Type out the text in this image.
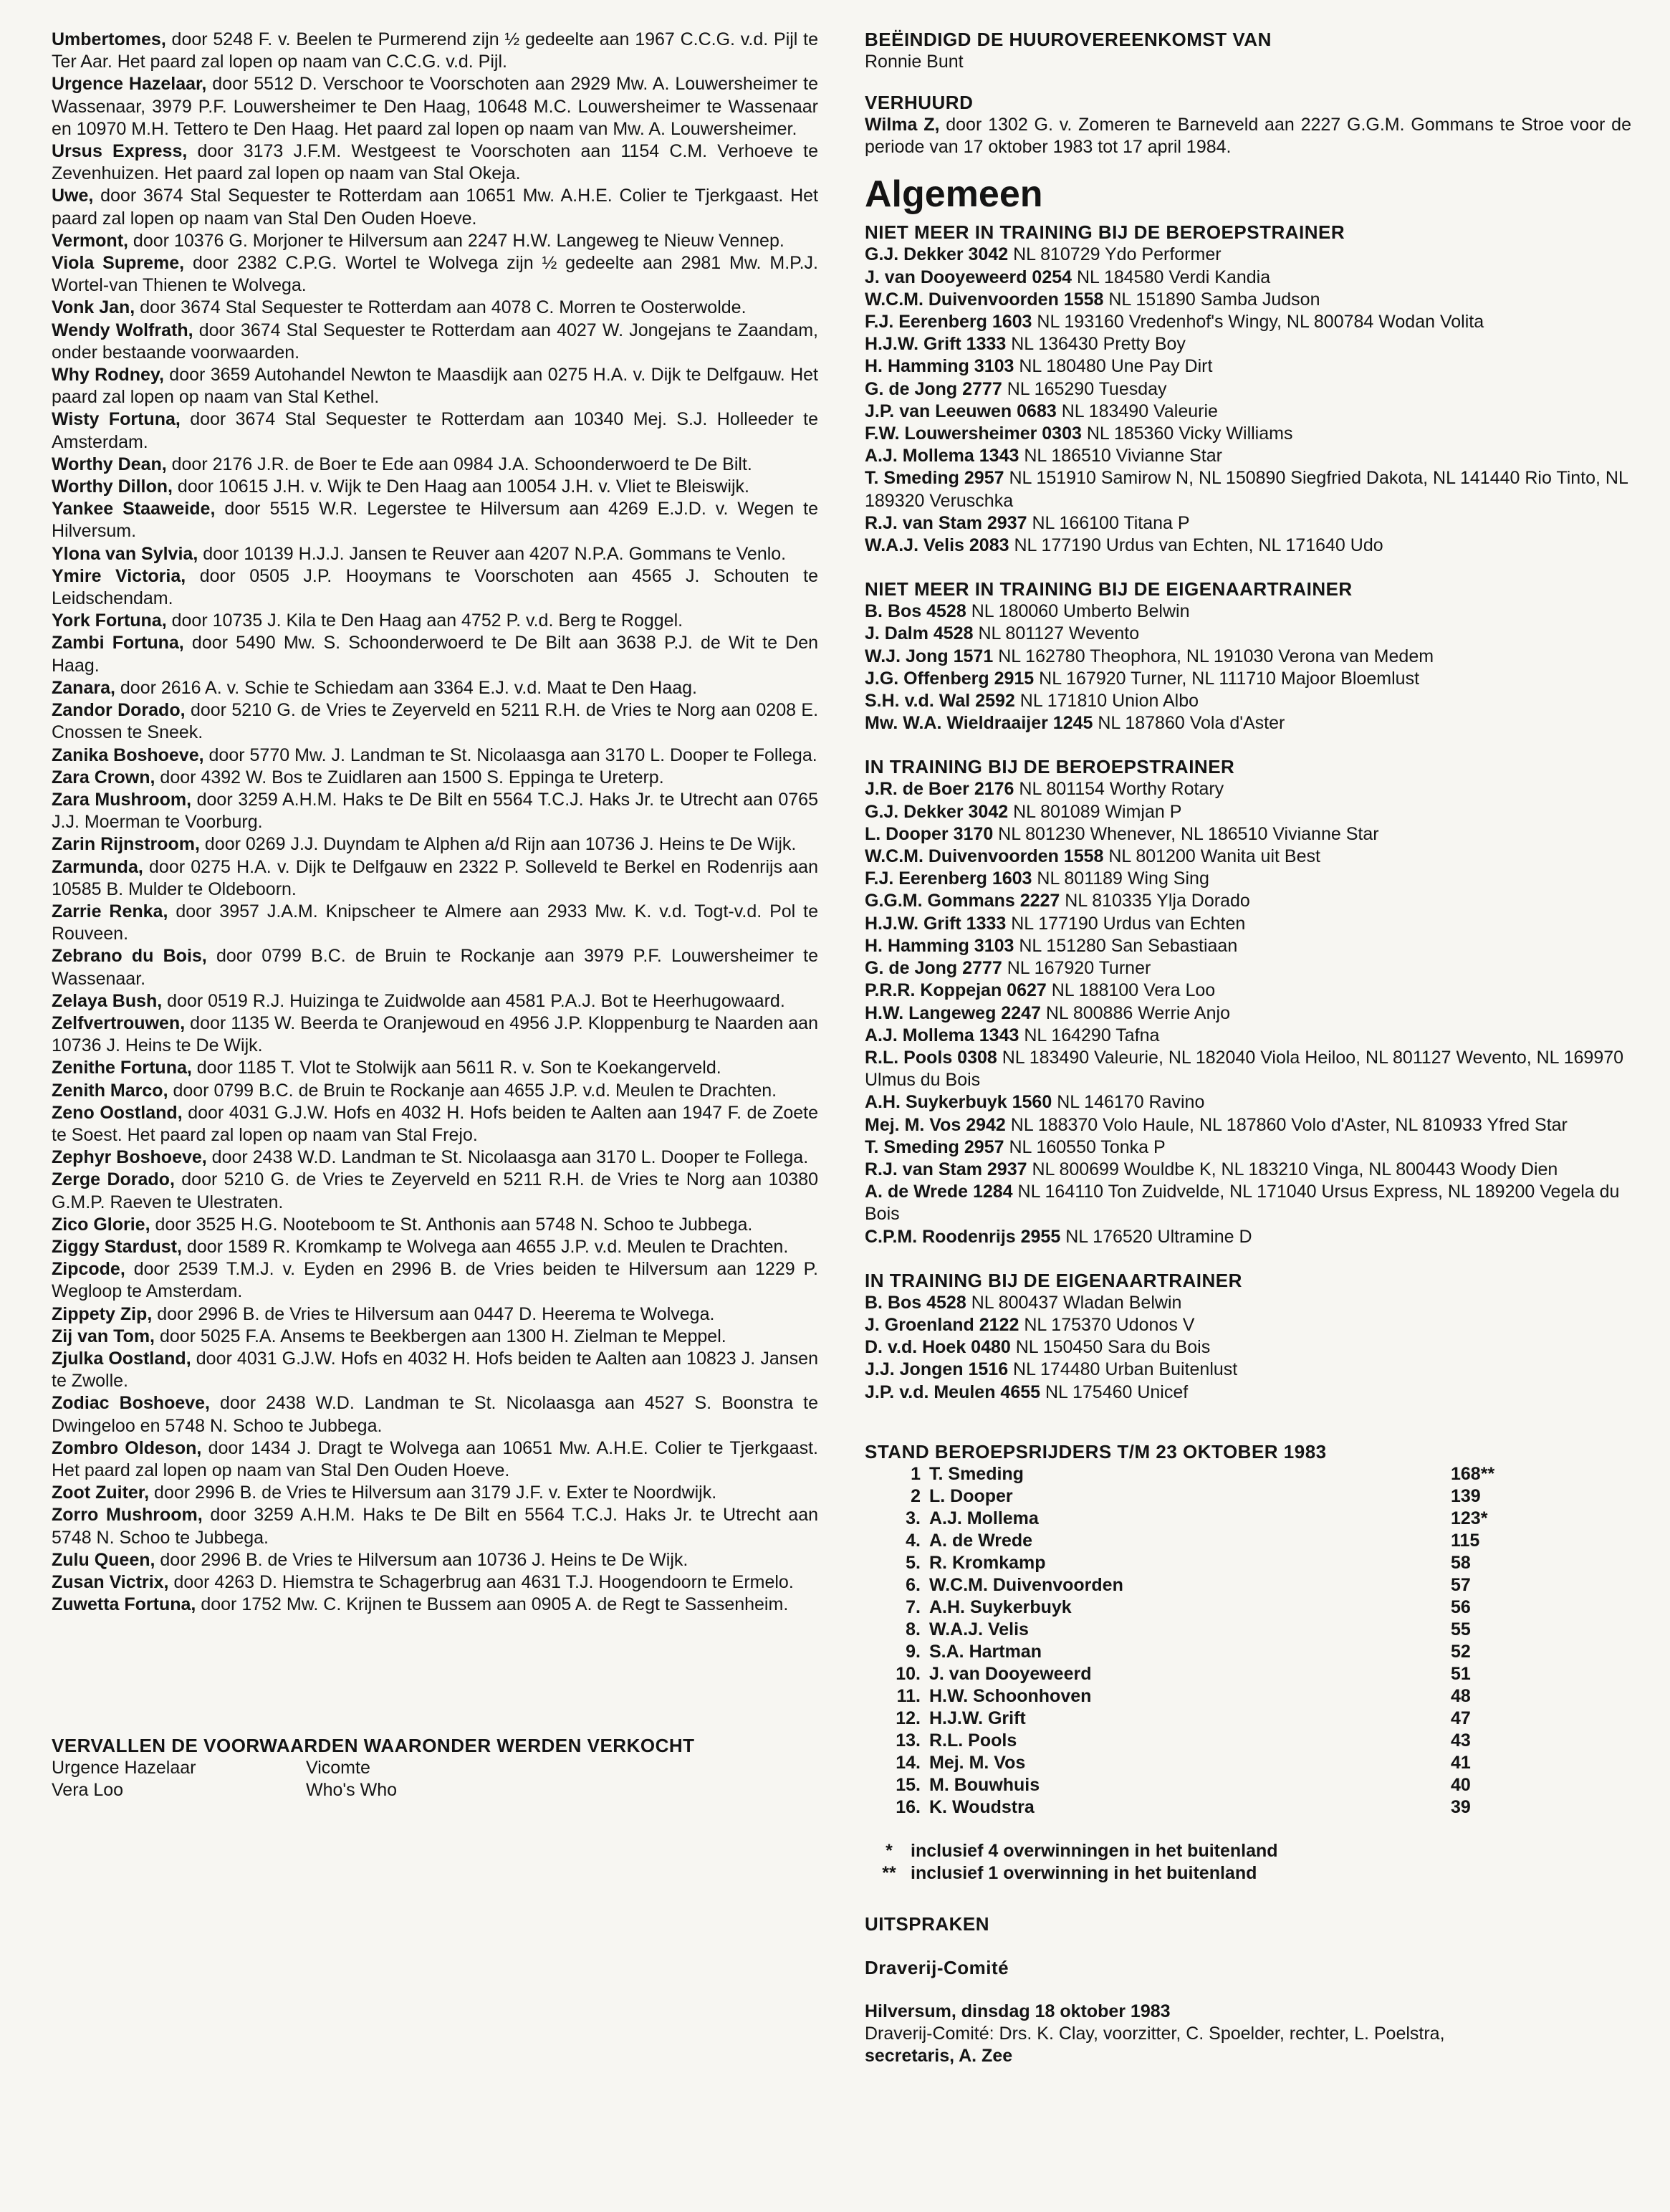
Umbertomes, door 5248 F. v. Beelen te Purmerend zijn ½ gedeelte aan 1967 C.C.G. v.d. Pijl te Ter Aar. Het paard zal lopen op naam van C.C.G. v.d. Pijl.

Urgence Hazelaar, door 5512 D. Verschoor te Voorschoten aan 2929 Mw. A. Louwersheimer te Wassenaar, 3979 P.F. Louwersheimer te Den Haag, 10648 M.C. Louwersheimer te Wassenaar en 10970 M.H. Tettero te Den Haag. Het paard zal lopen op naam van Mw. A. Louwersheimer.

Ursus Express, door 3173 J.F.M. Westgeest te Voorschoten aan 1154 C.M. Verhoeve te Zevenhuizen. Het paard zal lopen op naam van Stal Okeja.

Uwe, door 3674 Stal Sequester te Rotterdam aan 10651 Mw. A.H.E. Colier te Tjerkgaast. Het paard zal lopen op naam van Stal Den Ouden Hoeve.

Vermont, door 10376 G. Morjoner te Hilversum aan 2247 H.W. Langeweg te Nieuw Vennep.

Viola Supreme, door 2382 C.P.G. Wortel te Wolvega zijn ½ gedeelte aan 2981 Mw. M.P.J. Wortel-van Thienen te Wolvega.

Vonk Jan, door 3674 Stal Sequester te Rotterdam aan 4078 C. Morren te Oosterwolde.

Wendy Wolfrath, door 3674 Stal Sequester te Rotterdam aan 4027 W. Jongejans te Zaandam, onder bestaande voorwaarden.

Why Rodney, door 3659 Autohandel Newton te Maasdijk aan 0275 H.A. v. Dijk te Delfgauw. Het paard zal lopen op naam van Stal Kethel.

Wisty Fortuna, door 3674 Stal Sequester te Rotterdam aan 10340 Mej. S.J. Holleeder te Amsterdam.

Worthy Dean, door 2176 J.R. de Boer te Ede aan 0984 J.A. Schoonderwoerd te De Bilt.

Worthy Dillon, door 10615 J.H. v. Wijk te Den Haag aan 10054 J.H. v. Vliet te Bleiswijk.

Yankee Staaweide, door 5515 W.R. Legerstee te Hilversum aan 4269 E.J.D. v. Wegen te Hilversum.

Ylona van Sylvia, door 10139 H.J.J. Jansen te Reuver aan 4207 N.P.A. Gommans te Venlo.

Ymire Victoria, door 0505 J.P. Hooymans te Voorschoten aan 4565 J. Schouten te Leidschendam.

York Fortuna, door 10735 J. Kila te Den Haag aan 4752 P. v.d. Berg te Roggel.

Zambi Fortuna, door 5490 Mw. S. Schoonderwoerd te De Bilt aan 3638 P.J. de Wit te Den Haag.

Zanara, door 2616 A. v. Schie te Schiedam aan 3364 E.J. v.d. Maat te Den Haag.

Zandor Dorado, door 5210 G. de Vries te Zeyerveld en 5211 R.H. de Vries te Norg aan 0208 E. Cnossen te Sneek.

Zanika Boshoeve, door 5770 Mw. J. Landman te St. Nicolaasga aan 3170 L. Dooper te Follega.

Zara Crown, door 4392 W. Bos te Zuidlaren aan 1500 S. Eppinga te Ureterp.

Zara Mushroom, door 3259 A.H.M. Haks te De Bilt en 5564 T.C.J. Haks Jr. te Utrecht aan 0765 J.J. Moerman te Voorburg.

Zarin Rijnstroom, door 0269 J.J. Duyndam te Alphen a/d Rijn aan 10736 J. Heins te De Wijk.

Zarmunda, door 0275 H.A. v. Dijk te Delfgauw en 2322 P. Solleveld te Berkel en Rodenrijs aan 10585 B. Mulder te Oldeboorn.

Zarrie Renka, door 3957 J.A.M. Knipscheer te Almere aan 2933 Mw. K. v.d. Togt-v.d. Pol te Rouveen.

Zebrano du Bois, door 0799 B.C. de Bruin te Rockanje aan 3979 P.F. Louwersheimer te Wassenaar.

Zelaya Bush, door 0519 R.J. Huizinga te Zuidwolde aan 4581 P.A.J. Bot te Heerhugowaard.

Zelfvertrouwen, door 1135 W. Beerda te Oranjewoud en 4956 J.P. Kloppenburg te Naarden aan 10736 J. Heins te De Wijk.

Zenithe Fortuna, door 1185 T. Vlot te Stolwijk aan 5611 R. v. Son te Koekangerveld.

Zenith Marco, door 0799 B.C. de Bruin te Rockanje aan 4655 J.P. v.d. Meulen te Drachten.

Zeno Oostland, door 4031 G.J.W. Hofs en 4032 H. Hofs beiden te Aalten aan 1947 F. de Zoete te Soest. Het paard zal lopen op naam van Stal Frejo.

Zephyr Boshoeve, door 2438 W.D. Landman te St. Nicolaasga aan 3170 L. Dooper te Follega.

Zerge Dorado, door 5210 G. de Vries te Zeyerveld en 5211 R.H. de Vries te Norg aan 10380 G.M.P. Raeven te Ulestraten.

Zico Glorie, door 3525 H.G. Nooteboom te St. Anthonis aan 5748 N. Schoo te Jubbega.

Ziggy Stardust, door 1589 R. Kromkamp te Wolvega aan 4655 J.P. v.d. Meulen te Drachten.

Zipcode, door 2539 T.M.J. v. Eyden en 2996 B. de Vries beiden te Hilversum aan 1229 P. Wegloop te Amsterdam.

Zippety Zip, door 2996 B. de Vries te Hilversum aan 0447 D. Heerema te Wolvega.

Zij van Tom, door 5025 F.A. Ansems te Beekbergen aan 1300 H. Zielman te Meppel.

Zjulka Oostland, door 4031 G.J.W. Hofs en 4032 H. Hofs beiden te Aalten aan 10823 J. Jansen te Zwolle.

Zodiac Boshoeve, door 2438 W.D. Landman te St. Nicolaasga aan 4527 S. Boonstra te Dwingeloo en 5748 N. Schoo te Jubbega.

Zombro Oldeson, door 1434 J. Dragt te Wolvega aan 10651 Mw. A.H.E. Colier te Tjerkgaast. Het paard zal lopen op naam van Stal Den Ouden Hoeve.

Zoot Zuiter, door 2996 B. de Vries te Hilversum aan 3179 J.F. v. Exter te Noordwijk.

Zorro Mushroom, door 3259 A.H.M. Haks te De Bilt en 5564 T.C.J. Haks Jr. te Utrecht aan 5748 N. Schoo te Jubbega.

Zulu Queen, door 2996 B. de Vries te Hilversum aan 10736 J. Heins te De Wijk.

Zusan Victrix, door 4263 D. Hiemstra te Schagerbrug aan 4631 T.J. Hoogendoorn te Ermelo.

Zuwetta Fortuna, door 1752 Mw. C. Krijnen te Bussem aan 0905 A. de Regt te Sassenheim.

VERVALLEN DE VOORWAARDEN WAARONDER WERDEN VERKOCHT

Urgence Hazelaar	Vicomte
Vera Loo	Who's Who

BEËINDIGD DE HUUROVEREENKOMST VAN

Ronnie Bunt

VERHUURD

Wilma Z, door 1302 G. v. Zomeren te Barneveld aan 2227 G.G.M. Gommans te Stroe voor de periode van 17 oktober 1983 tot 17 april 1984.

Algemeen

NIET MEER IN TRAINING BIJ DE BEROEPSTRAINER

G.J. Dekker 3042 NL 810729 Ydo Performer

J. van Dooyeweerd 0254 NL 184580 Verdi Kandia

W.C.M. Duivenvoorden 1558 NL 151890 Samba Judson

F.J. Eerenberg 1603 NL 193160 Vredenhof's Wingy, NL 800784 Wodan Volita

H.J.W. Grift 1333 NL 136430 Pretty Boy

H. Hamming 3103 NL 180480 Une Pay Dirt

G. de Jong 2777 NL 165290 Tuesday

J.P. van Leeuwen 0683 NL 183490 Valeurie

F.W. Louwersheimer 0303 NL 185360 Vicky Williams

A.J. Mollema 1343 NL 186510 Vivianne Star

T. Smeding 2957 NL 151910 Samirow N, NL 150890 Siegfried Dakota, NL 141440 Rio Tinto, NL 189320 Veruschka

R.J. van Stam 2937 NL 166100 Titana P

W.A.J. Velis 2083 NL 177190 Urdus van Echten, NL 171640 Udo

NIET MEER IN TRAINING BIJ DE EIGENAARTRAINER

B. Bos 4528 NL 180060 Umberto Belwin

J. Dalm 4528 NL 801127 Wevento

W.J. Jong 1571 NL 162780 Theophora, NL 191030 Verona van Medem

J.G. Offenberg 2915 NL 167920 Turner, NL 111710 Majoor Bloemlust

S.H. v.d. Wal 2592 NL 171810 Union Albo

Mw. W.A. Wieldraaijer 1245 NL 187860 Vola d'Aster

IN TRAINING BIJ DE BEROEPSTRAINER

J.R. de Boer 2176 NL 801154 Worthy Rotary

G.J. Dekker 3042 NL 801089 Wimjan P

L. Dooper 3170 NL 801230 Whenever, NL 186510 Vivianne Star

W.C.M. Duivenvoorden 1558 NL 801200 Wanita uit Best

F.J. Eerenberg 1603 NL 801189 Wing Sing

G.G.M. Gommans 2227 NL 810335 Ylja Dorado

H.J.W. Grift 1333 NL 177190 Urdus van Echten

H. Hamming 3103 NL 151280 San Sebastiaan

G. de Jong 2777 NL 167920 Turner

P.R.R. Koppejan 0627 NL 188100 Vera Loo

H.W. Langeweg 2247 NL 800886 Werrie Anjo

A.J. Mollema 1343 NL 164290 Tafna

R.L. Pools 0308 NL 183490 Valeurie, NL 182040 Viola Heiloo, NL 801127 Wevento, NL 169970 Ulmus du Bois

A.H. Suykerbuyk 1560 NL 146170 Ravino

Mej. M. Vos 2942 NL 188370 Volo Haule, NL 187860 Volo d'Aster, NL 810933 Yfred Star

T. Smeding 2957 NL 160550 Tonka P

R.J. van Stam 2937 NL 800699 Wouldbe K, NL 183210 Vinga, NL 800443 Woody Dien

A. de Wrede 1284 NL 164110 Ton Zuidvelde, NL 171040 Ursus Express, NL 189200 Vegela du Bois

C.P.M. Roodenrijs 2955 NL 176520 Ultramine D

IN TRAINING BIJ DE EIGENAARTRAINER

B. Bos 4528 NL 800437 Wladan Belwin

J. Groenland 2122 NL 175370 Udonos V

D. v.d. Hoek 0480 NL 150450 Sara du Bois

J.J. Jongen 1516 NL 174480 Urban Buitenlust

J.P. v.d. Meulen 4655 NL 175460 Unicef

STAND BEROEPSRIJDERS T/M 23 OKTOBER 1983

1 T. Smeding	168**
2 L. Dooper	139
3. A.J. Mollema	123*
4. A. de Wrede	115
5. R. Kromkamp	58
6. W.C.M. Duivenvoorden	57
7. A.H. Suykerbuyk	56
8. W.A.J. Velis	55
9. S.A. Hartman	52
10. J. van Dooyeweerd	51
11. H.W. Schoonhoven	48
12. H.J.W. Grift	47
13. R.L. Pools	43
14. Mej. M. Vos	41
15. M. Bouwhuis	40
16. K. Woudstra	39
*	inclusief 4 overwinningen in het buitenland
** inclusief 1 overwinning in het buitenland

UITSPRAKEN

Draverij-Comité

Hilversum, dinsdag 18 oktober 1983

Draverij-Comité: Drs. K. Clay, voorzitter, C. Spoelder, rechter, L. Poelstra,

secretaris, A. Zee
